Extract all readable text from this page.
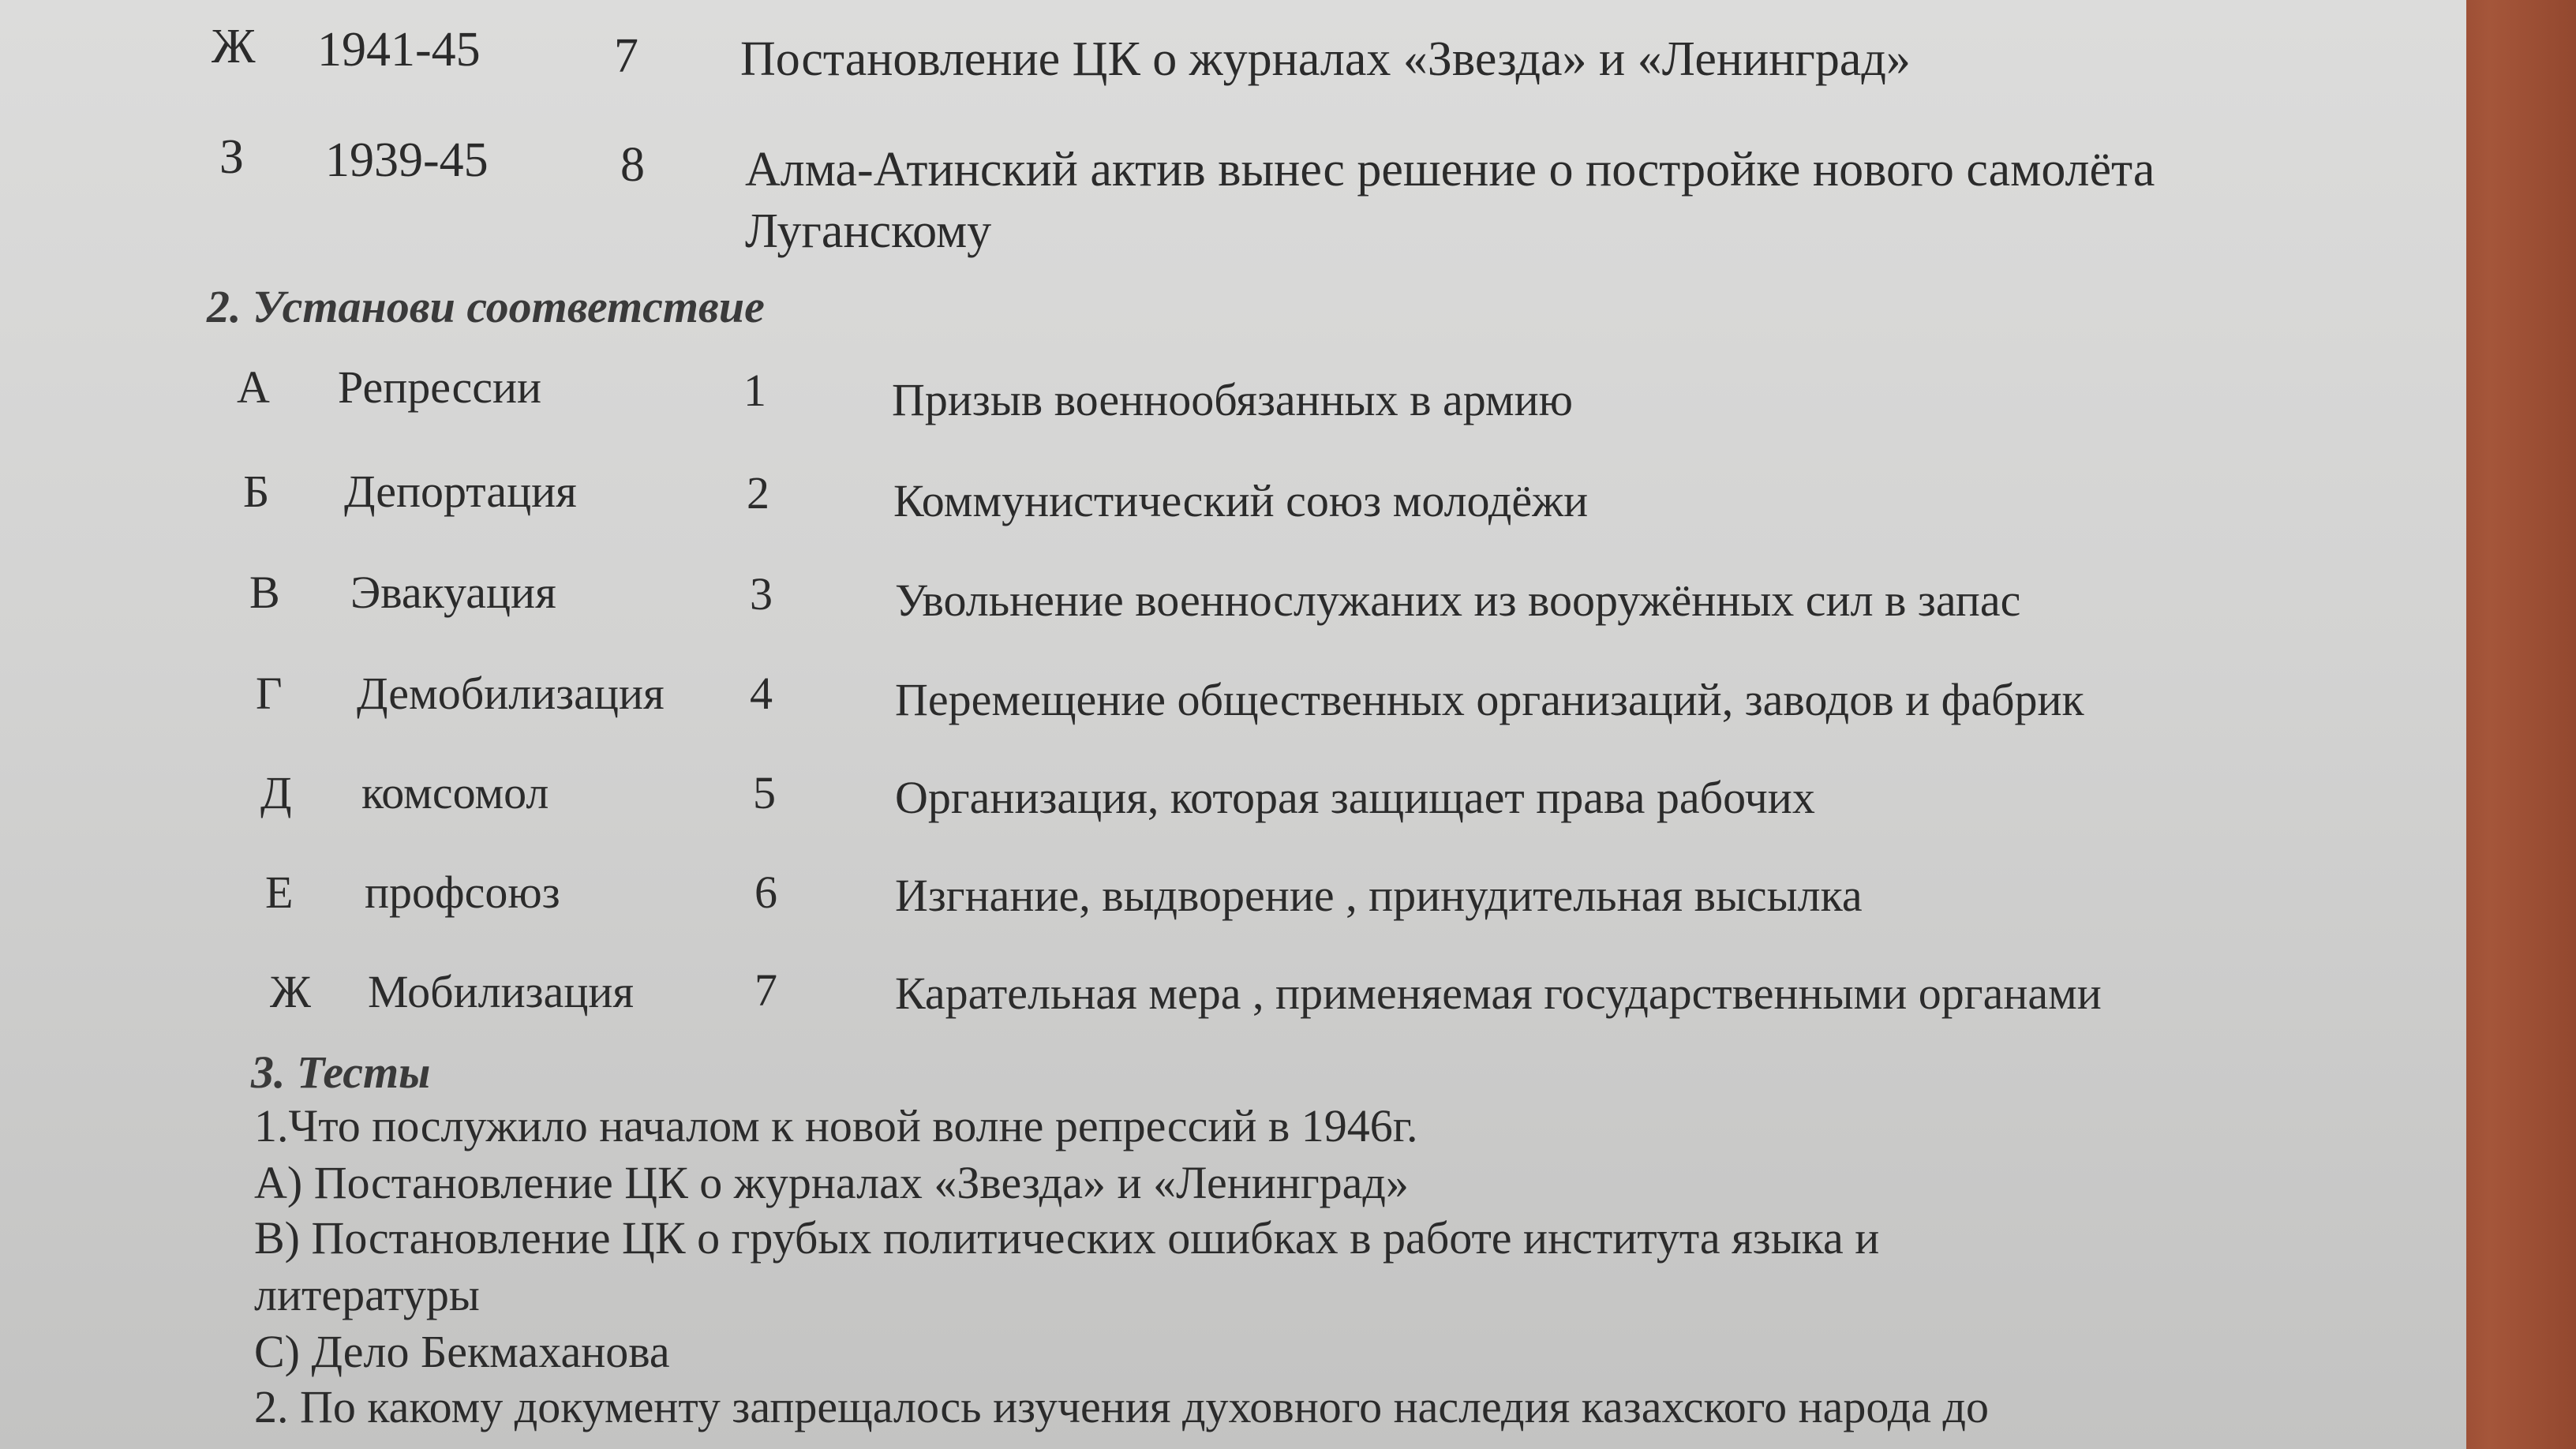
Ж 1941-45	7 Постановление ЦК о журналах «Звезда» и «Ленинград»
З 1939-45	8 Алма-Атинский актив вынес решение о постройке нового самолёта
Луганскому
2. Установи соответствие
А Репрессии	1	Призыв военнообязанных в армию
Б Депортация	2	Коммунистический союз молодёжи
В Эвакуация	3	Увольнение военнослужаних из вооружённых сил в запас
Г Демобилизация 4	Перемещение общественных организаций, заводов и фабрик
Д комсомол	5	Организация, которая защищает права рабочих
Е профсоюз	6	Изгнание, выдворение , принудительная высылка
Ж Мобилизация	7	Карательная мера , применяемая государственными органами
3. Тесты
1.Что послужило началом к новой волне репрессий в 1946г.
А) Постановление ЦК о журналах «Звезда» и «Ленинград»
В) Постановление ЦК о грубых политических ошибках в работе института языка и
литературы
С) Дело Бекмаханова
2. По какому документу запрещалось изучения духовного наследия казахского народа до
